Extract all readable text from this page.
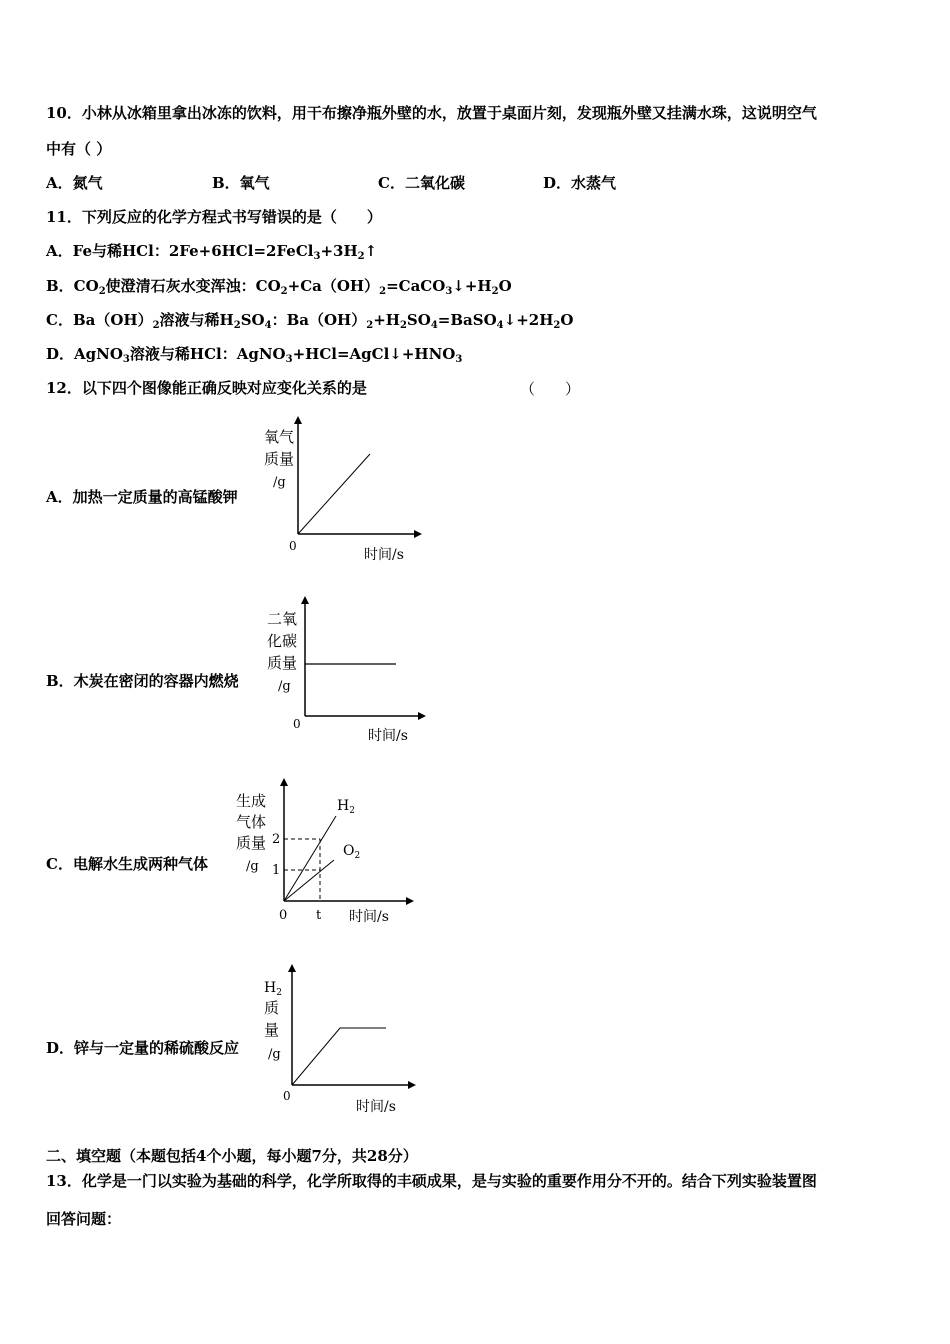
10．小林从冰箱里拿出冰冻的饮料，用干布擦净瓶外壁的水，放置于桌面片刻，发现瓶外壁又挂满水珠，这说明空气
中有（ ）
A．氮气	B．氧气	C．二氧化碳	D．水蒸气
11．下列反应的化学方程式书写错误的是（　　）
A．Fe与稀HCl：$2Fe+6HCl=2FeCl_3+3H_2↑$
B．$CO_2$使澄清石灰水变浑浊：$CO_2+Ca(OH)_2=CaCO_3↓+H_2O$
C．$Ba(OH)_2$溶液与稀$H_2SO_4$：$Ba(OH)_2+H_2SO_4=BaSO_4↓+2H_2O$
D．AgNO$_3$溶液与稀HCl：$AgNO_3+HCl=AgCl↓+HNO_3$
12．以下四个图像能正确反映对应变化关系的是	（　　）
A．加热一定质量的高锰酸钾
B．木炭在密闭的容器内燃烧
C．电解水生成两种气体
D．锌与一定量的稀硫酸反应
氧气
质量
/g
0
时间/s
二氧
化碳
质量
/g
0
时间/s
生成
气体
质量
/g
2
1
0 t 时间/s
$H_2$
$O_2$
$H_2$
质
量
/g
0
时间/s
二、填空题（本题包括4个小题，每小题7分，共28分）
13．化学是一门以实验为基础的科学，化学所取得的丰硕成果，是与实验的重要作用分不开的。结合下列实验装置图
回答问题：
